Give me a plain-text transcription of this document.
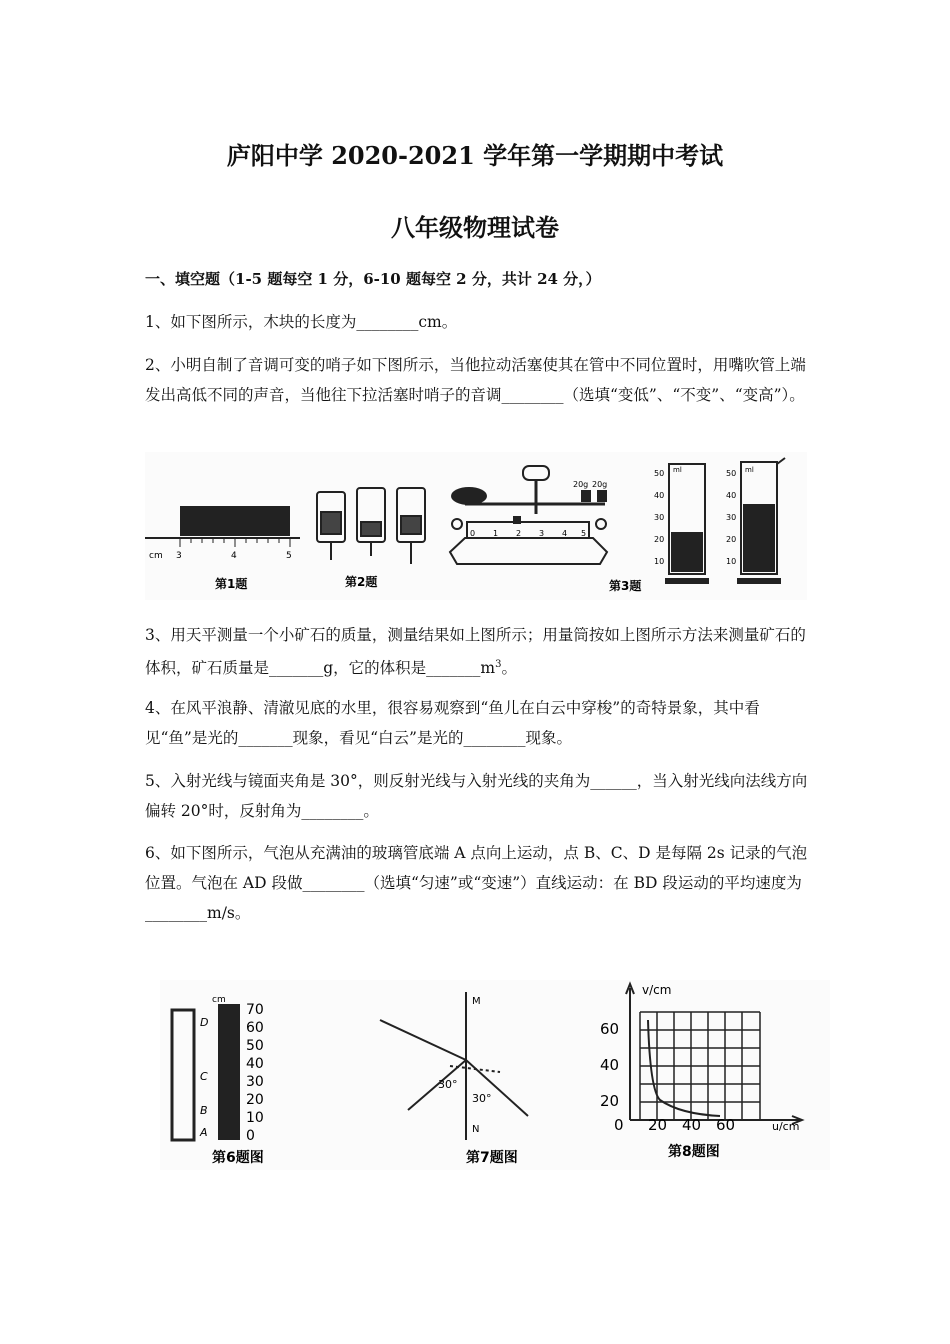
庐阳中学 2020-2021 学年第一学期期中考试
八年级物理试卷
一、填空题（1-5 题每空 1 分，6-10 题每空 2 分，共计 24 分，）
1、如下图所示，木块的长度为________cm。
2、小明自制了音调可变的哨子如下图所示，当他拉动活塞使其在管中不同位置时，用嘴吹管上端发出高低不同的声音，当他往下拉活塞时哨子的音调________（选填“变低”、“不变”、“变高”）。
cm 3	4	5
第1题	第2题
20g 20g
0 1 2 3 4 5
第3题
50
40
30
20
10
ml	50
40
30
20
10
ml
3、用天平测量一个小矿石的质量，测量结果如上图所示；用量筒按如上图所示方法来测量矿石的体积，矿石质量是_______g，它的体积是$\_\_\_\_\_\_\_m^3$。
4、在风平浪静、清澈见底的水里，很容易观察到“鱼儿在白云中穿梭”的奇特景象，其中看见“鱼”是光的_______现象，看见“白云”是光的________现象。
5、入射光线与镜面夹角是 30°，则反射光线与入射光线的夹角为______，当入射光线向法线方向偏转 20°时，反射角为________。
6、如下图所示，气泡从充满油的玻璃管底端 A 点向上运动，点 B、C、D 是每隔 2s 记录的气泡位置。气泡在 AD 段做________（选填“匀速”或“变速”）直线运动：在 BD 段运动的平均速度为________m/s。
cm
70
60
50
40
30
20
10
0
D
C
B
A
第6题图
M
N
30°
30°
第7题图
v/cm
u/cm
60
40
20
0 20 40 60
第8题图
